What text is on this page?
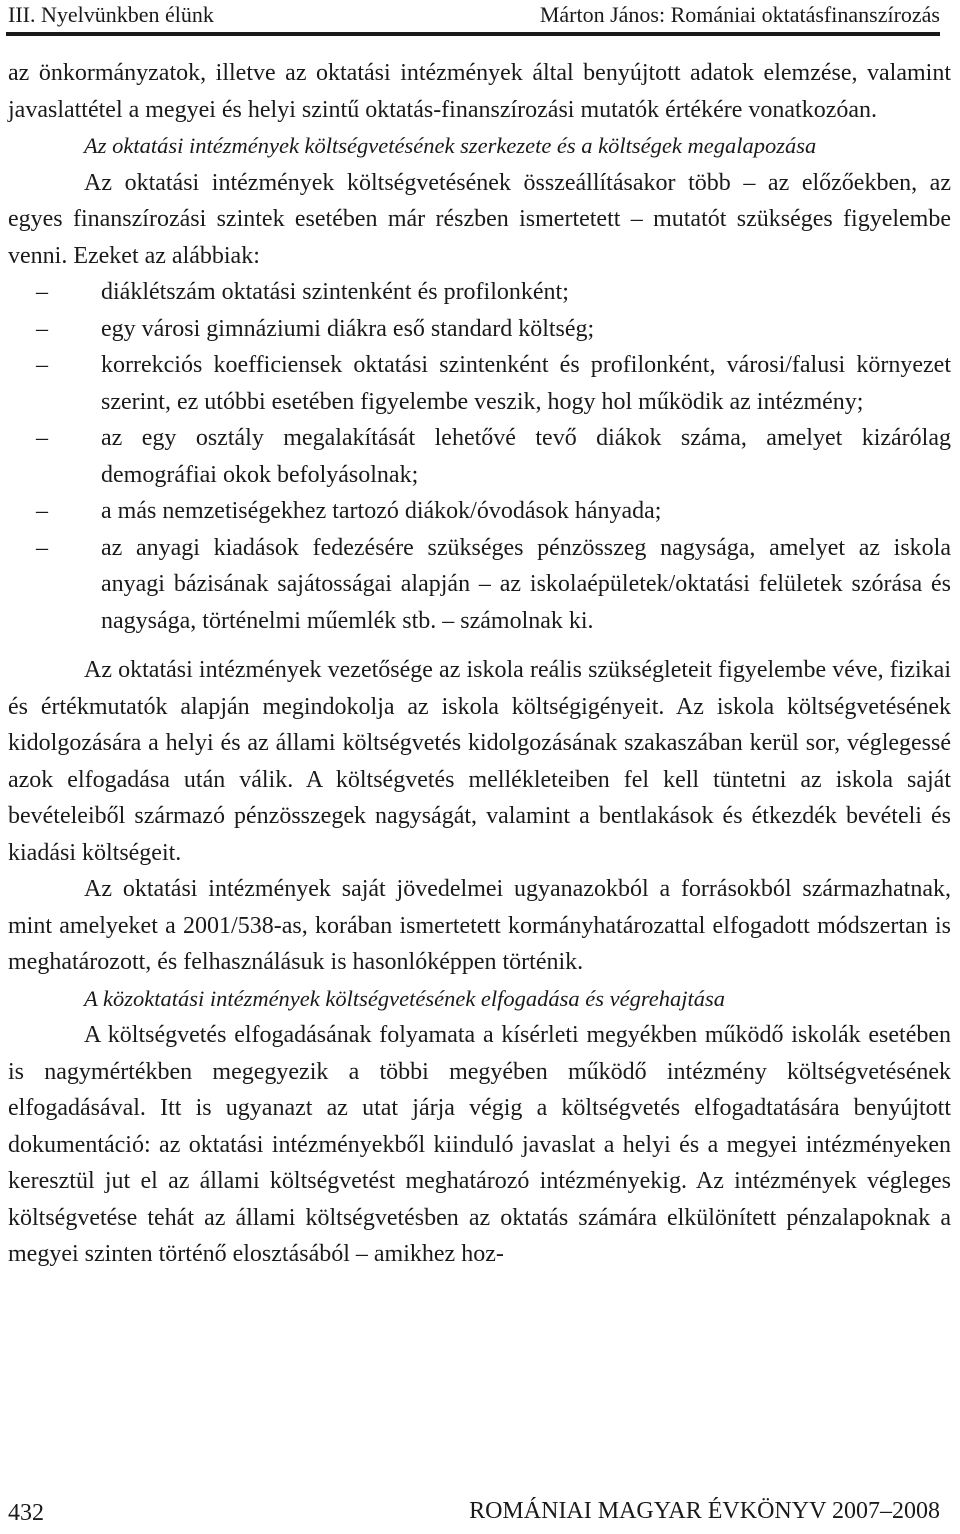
III. Nyelvünkben élünk	Márton János: Romániai oktatásfinanszírozás

az önkormányzatok, illetve az oktatási intézmények által benyújtott adatok elemzése, valamint javaslattétel a megyei és helyi szintű oktatás-finanszírozási mutatók értékére vonatkozóan.

Az oktatási intézmények költségvetésének szerkezete és a költségek megalapozása

Az oktatási intézmények költségvetésének összeállításakor több – az előzőekben, az egyes finanszírozási szintek esetében már részben ismertetett – mutatót szükséges figyelembe venni. Ezeket az alábbiak:

– diáklétszám oktatási szintenként és profilonként;
– egy városi gimnáziumi diákra eső standard költség;
– korrekciós koefficiensek oktatási szintenként és profilonként, városi/falusi környezet szerint, ez utóbbi esetében figyelembe veszik, hogy hol működik az intézmény;
– az egy osztály megalakítását lehetővé tevő diákok száma, amelyet kizárólag demográfiai okok befolyásolnak;
– a más nemzetiségekhez tartozó diákok/óvodások hányada;
– az anyagi kiadások fedezésére szükséges pénzösszeg nagysága, amelyet az iskola anyagi bázisának sajátosságai alapján – az iskolaépületek/oktatási felületek szórása és nagysága, történelmi műemlék stb. – számolnak ki.

Az oktatási intézmények vezetősége az iskola reális szükségleteit figyelembe véve, fizikai és értékmutatók alapján megindokolja az iskola költségigényeit. Az iskola költségvetésének kidolgozására a helyi és az állami költségvetés kidolgozásának szakaszában kerül sor, véglegessé azok elfogadása után válik. A költségvetés mellékleteiben fel kell tüntetni az iskola saját bevételeiből származó pénzösszegek nagyságát, valamint a bentlakások és étkezdék bevételi és kiadási költségeit.

Az oktatási intézmények saját jövedelmei ugyanazokból a forrásokból származhatnak, mint amelyeket a 2001/538-as, korában ismertetett kormányhatározattal elfogadott módszertan is meghatározott, és felhasználásuk is hasonlóképpen történik.

A közoktatási intézmények költségvetésének elfogadása és végrehajtása

A költségvetés elfogadásának folyamata a kísérleti megyékben működő iskolák esetében is nagymértékben megegyezik a többi megyében működő intézmény költségvetésének elfogadásával. Itt is ugyanazt az utat járja végig a költségvetés elfogadtatására benyújtott dokumentáció: az oktatási intézményekből kiinduló javaslat a helyi és a megyei intézményeken keresztül jut el az állami költségvetést meghatározó intézményekig. Az intézmények végleges költségvetése tehát az állami költségvetésben az oktatás számára elkülönített pénzalapoknak a megyei szinten történő elosztásából – amikhez hoz-

432	ROMÁNIAI MAGYAR ÉVKÖNYV 2007–2008
